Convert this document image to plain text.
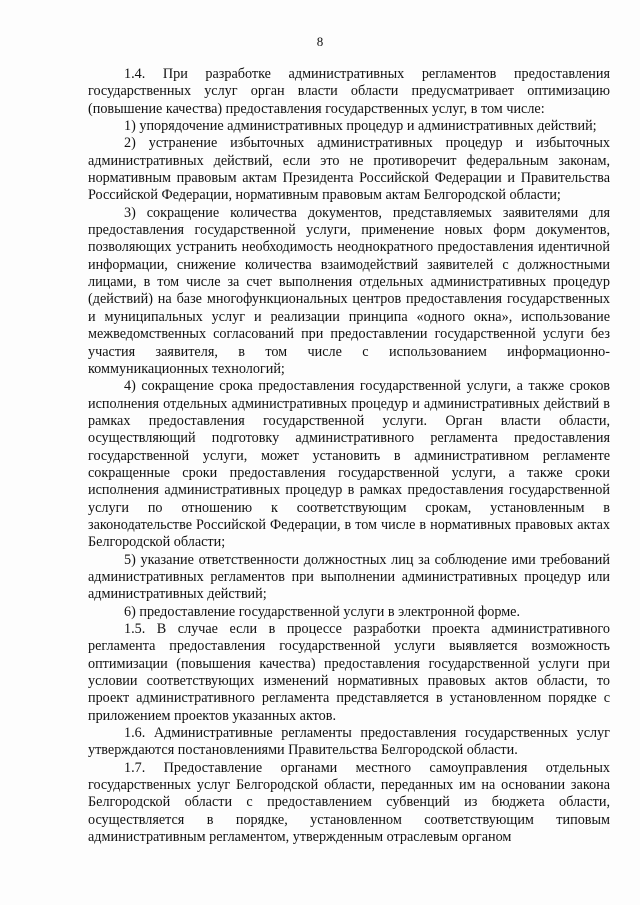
8

1.4. При разработке административных регламентов предоставления государственных услуг орган власти области предусматривает оптимизацию (повышение качества) предоставления государственных услуг, в том числе:

1) упорядочение административных процедур и административных действий;

2) устранение избыточных административных процедур и избыточных административных действий, если это не противоречит федеральным законам, нормативным правовым актам Президента Российской Федерации и Правительства Российской Федерации, нормативным правовым актам Белгородской области;

3) сокращение количества документов, представляемых заявителями для предоставления государственной услуги, применение новых форм документов, позволяющих устранить необходимость неоднократного предоставления идентичной информации, снижение количества взаимодействий заявителей с должностными лицами, в том числе за счет выполнения отдельных административных процедур (действий) на базе многофункциональных центров предоставления государственных и муниципальных услуг и реализации принципа «одного окна», использование межведомственных согласований при предоставлении государственной услуги без участия заявителя, в том числе с использованием информационно-коммуникационных технологий;

4) сокращение срока предоставления государственной услуги, а также сроков исполнения отдельных административных процедур и административных действий в рамках предоставления государственной услуги. Орган власти области, осуществляющий подготовку административного регламента предоставления государственной услуги, может установить в административном регламенте сокращенные сроки предоставления государственной услуги, а также сроки исполнения административных процедур в рамках предоставления государственной услуги по отношению к соответствующим срокам, установленным в законодательстве Российской Федерации, в том числе в нормативных правовых актах Белгородской области;

5) указание ответственности должностных лиц за соблюдение ими требований административных регламентов при выполнении административных процедур или административных действий;

6) предоставление государственной услуги в электронной форме.

1.5. В случае если в процессе разработки проекта административного регламента предоставления государственной услуги выявляется возможность оптимизации (повышения качества) предоставления государственной услуги при условии соответствующих изменений нормативных правовых актов области, то проект административного регламента представляется в установленном порядке с приложением проектов указанных актов.

1.6. Административные регламенты предоставления государственных услуг утверждаются постановлениями Правительства Белгородской области.

1.7. Предоставление органами местного самоуправления отдельных государственных услуг Белгородской области, переданных им на основании закона Белгородской области с предоставлением субвенций из бюджета области, осуществляется в порядке, установленном соответствующим типовым административным регламентом, утвержденным отраслевым органом
